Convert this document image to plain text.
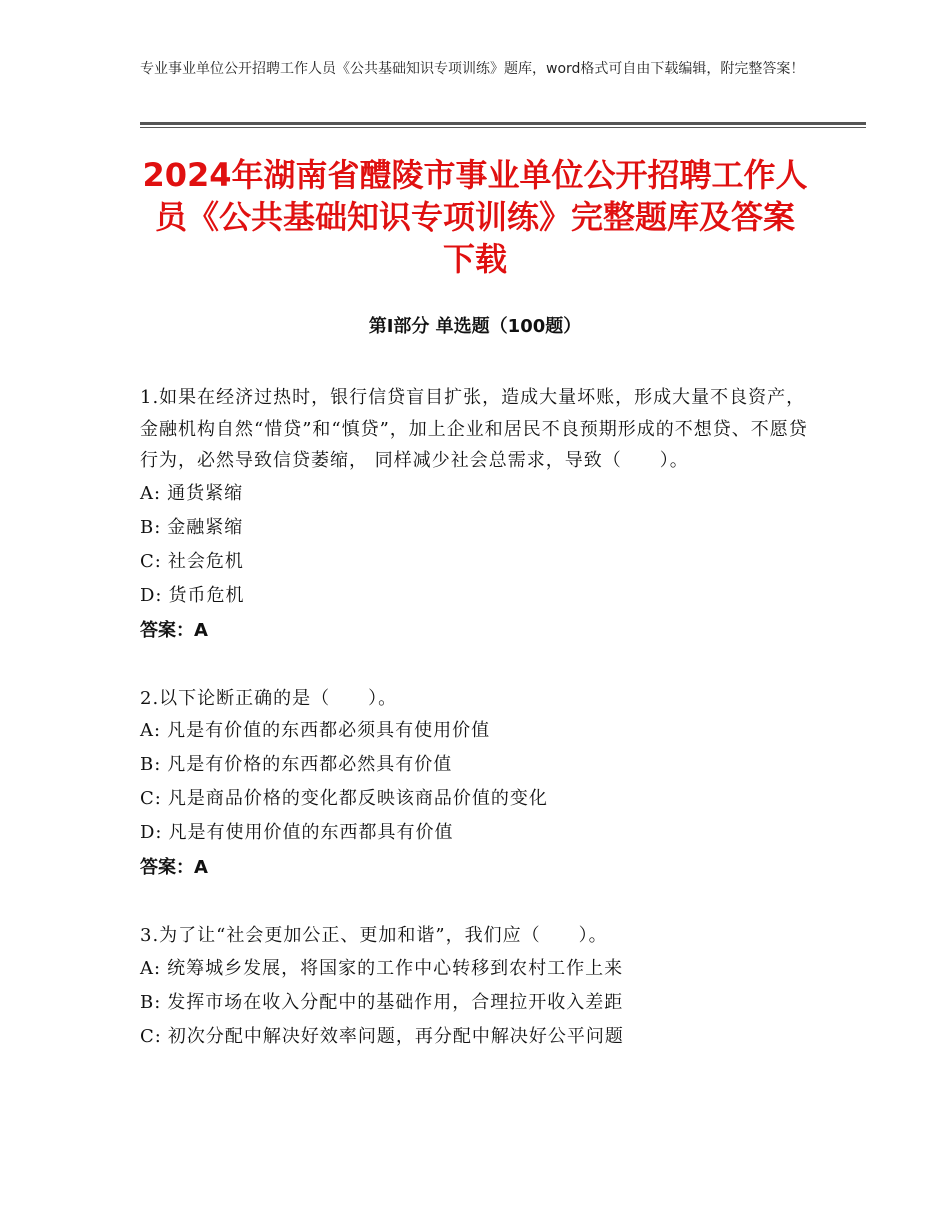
专业事业单位公开招聘工作人员《公共基础知识专项训练》题库，word格式可自由下载编辑，附完整答案！
2024年湖南省醴陵市事业单位公开招聘工作人员《公共基础知识专项训练》完整题库及答案下载
第Ⅰ部分 单选题（100题）
1.如果在经济过热时，银行信贷盲目扩张，造成大量坏账，形成大量不良资产，金融机构自然“惜贷”和“慎贷”，加上企业和居民不良预期形成的不想贷、不愿贷行为，必然导致信贷萎缩， 同样减少社会总需求，导致（　　）。
A: 通货紧缩
B: 金融紧缩
C: 社会危机
D: 货币危机
答案：A
2.以下论断正确的是（　　）。
A: 凡是有价值的东西都必须具有使用价值
B: 凡是有价格的东西都必然具有价值
C: 凡是商品价格的变化都反映该商品价值的变化
D: 凡是有使用价值的东西都具有价值
答案：A
3.为了让“社会更加公正、更加和谐”，我们应（　　）。
A: 统筹城乡发展，将国家的工作中心转移到农村工作上来
B: 发挥市场在收入分配中的基础作用，合理拉开收入差距
C: 初次分配中解决好效率问题，再分配中解决好公平问题
